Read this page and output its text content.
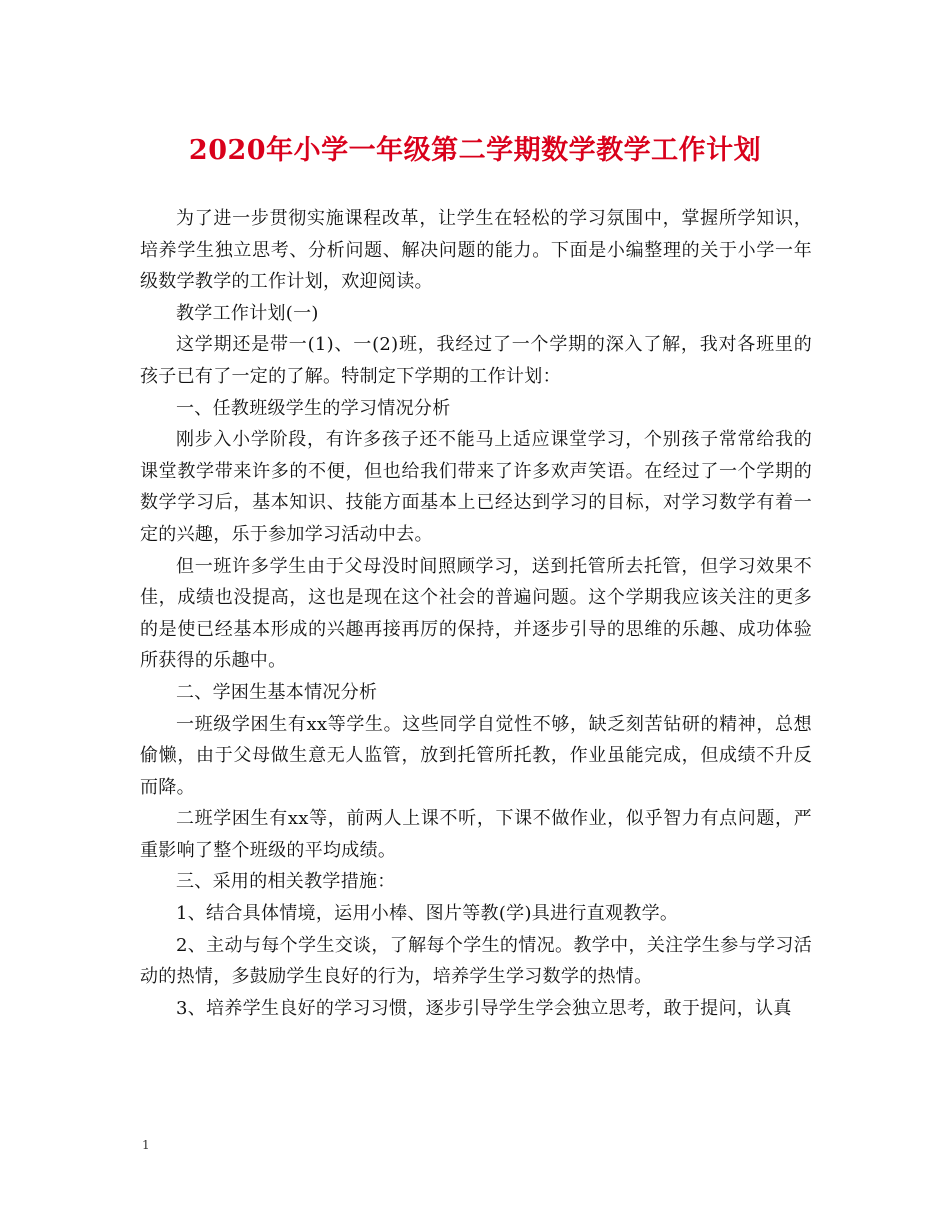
2020年小学一年级第二学期数学教学工作计划

为了进一步贯彻实施课程改革，让学生在轻松的学习氛围中，掌握所学知识，培养学生独立思考、分析问题、解决问题的能力。下面是小编整理的关于小学一年级数学教学的工作计划，欢迎阅读。

教学工作计划(一)

这学期还是带一(1)、一(2)班，我经过了一个学期的深入了解，我对各班里的孩子已有了一定的了解。特制定下学期的工作计划：

一、任教班级学生的学习情况分析

刚步入小学阶段，有许多孩子还不能马上适应课堂学习，个别孩子常常给我的课堂教学带来许多的不便，但也给我们带来了许多欢声笑语。在经过了一个学期的数学学习后，基本知识、技能方面基本上已经达到学习的目标，对学习数学有着一定的兴趣，乐于参加学习活动中去。

但一班许多学生由于父母没时间照顾学习，送到托管所去托管，但学习效果不佳，成绩也没提高，这也是现在这个社会的普遍问题。这个学期我应该关注的更多的是使已经基本形成的兴趣再接再厉的保持，并逐步引导的思维的乐趣、成功体验所获得的乐趣中。

二、学困生基本情况分析

一班级学困生有xx等学生。这些同学自觉性不够，缺乏刻苦钻研的精神，总想偷懒，由于父母做生意无人监管，放到托管所托教，作业虽能完成，但成绩不升反而降。

二班学困生有xx等，前两人上课不听，下课不做作业，似乎智力有点问题，严重影响了整个班级的平均成绩。

三、采用的相关教学措施：

1、结合具体情境，运用小棒、图片等教(学)具进行直观教学。

2、主动与每个学生交谈，了解每个学生的情况。教学中，关注学生参与学习活动的热情，多鼓励学生良好的行为，培养学生学习数学的热情。

3、培养学生良好的学习习惯，逐步引导学生学会独立思考，敢于提问，认真

1
